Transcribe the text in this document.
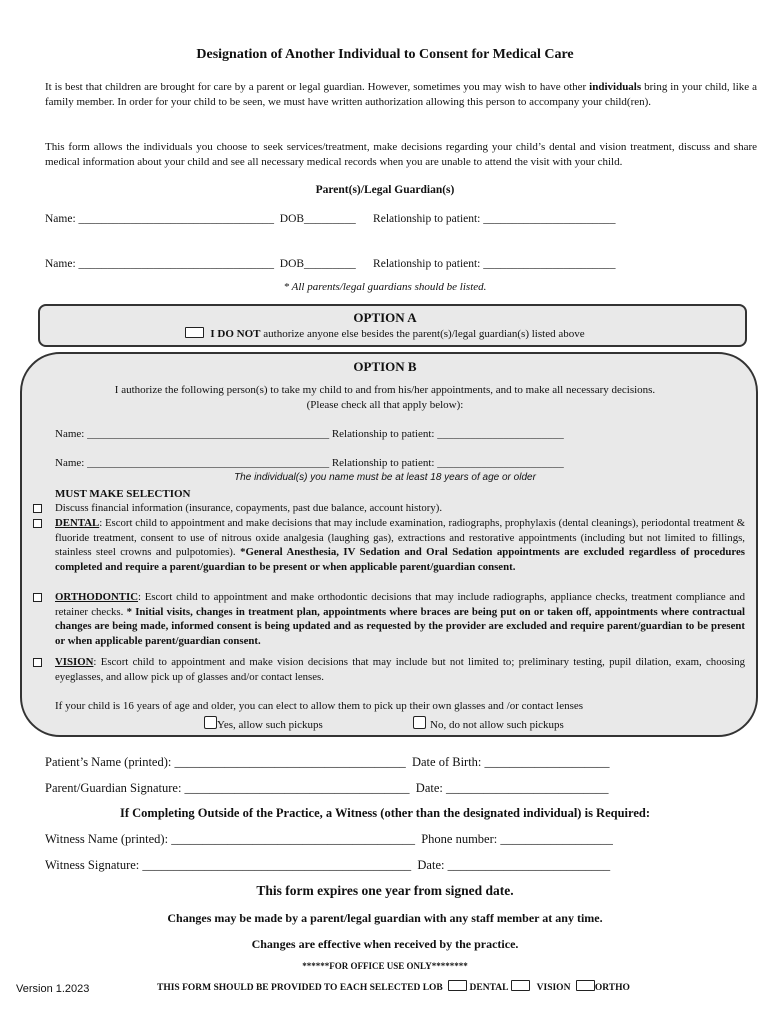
Designation of Another Individual to Consent for Medical Care
It is best that children are brought for care by a parent or legal guardian. However, sometimes you may wish to have other individuals bring in your child, like a family member. In order for your child to be seen, we must have written authorization allowing this person to accompany your child(ren).
This form allows the individuals you choose to seek services/treatment, make decisions regarding your child’s dental and vision treatment, discuss and share medical information about your child and see all necessary medical records when you are unable to attend the visit with your child.
Parent(s)/Legal Guardian(s)
Name: __________________________________  DOB_________      Relationship to patient: _______________________
Name: __________________________________  DOB_________      Relationship to patient: _______________________
* All parents/legal guardians should be listed.
OPTION A
I DO NOT authorize anyone else besides the parent(s)/legal guardian(s) listed above
OPTION B
I authorize the following person(s) to take my child to and from his/her appointments, and to make all necessary decisions.
(Please check all that apply below):
Name: ____________________________________________ Relationship to patient: _______________________
Name: ____________________________________________ Relationship to patient: _______________________
The individual(s) you name must be at least 18 years of age or older
MUST MAKE SELECTION
Discuss financial information (insurance, copayments, past due balance, account history).
DENTAL: Escort child to appointment and make decisions that may include examination, radiographs, prophylaxis (dental cleanings), periodontal treatment & fluoride treatment, consent to use of nitrous oxide analgesia (laughing gas), extractions and restorative appointments (including but not limited to fillings, stainless steel crowns and pulpotomies). *General Anesthesia, IV Sedation and Oral Sedation appointments are excluded regardless of procedures completed and require a parent/guardian to be present or when applicable parent/guardian consent.
ORTHODONTIC: Escort child to appointment and make orthodontic decisions that may include radiographs, appliance checks, treatment compliance and retainer checks. * Initial visits, changes in treatment plan, appointments where braces are being put on or taken off, appointments where contractual changes are being made, informed consent is being updated and as requested by the provider are excluded and require parent/guardian to be present or when applicable parent/guardian consent.
VISION: Escort child to appointment and make vision decisions that may include but not limited to; preliminary testing, pupil dilation, exam, choosing eyeglasses, and allow pick up of glasses and/or contact lenses.
If your child is 16 years of age and older, you can elect to allow them to pick up their own glasses and /or contact lenses
Yes, allow such pickups	No, do not allow such pickups
Patient’s Name (printed): _____________________________________  Date of Birth: ____________________
Parent/Guardian Signature: ____________________________________  Date: __________________________
If Completing Outside of the Practice, a Witness (other than the designated individual) is Required:
Witness Name (printed): _______________________________________  Phone number: __________________
Witness Signature: ___________________________________________  Date: __________________________
This form expires one year from signed date.
Changes may be made by a parent/legal guardian with any staff member at any time.
Changes are effective when received by the practice.
******FOR OFFICE USE ONLY********
Version 1.2023	THIS FORM SHOULD BE PROVIDED TO EACH SELECTED LOB	DENTAL	VISION	ORTHO
